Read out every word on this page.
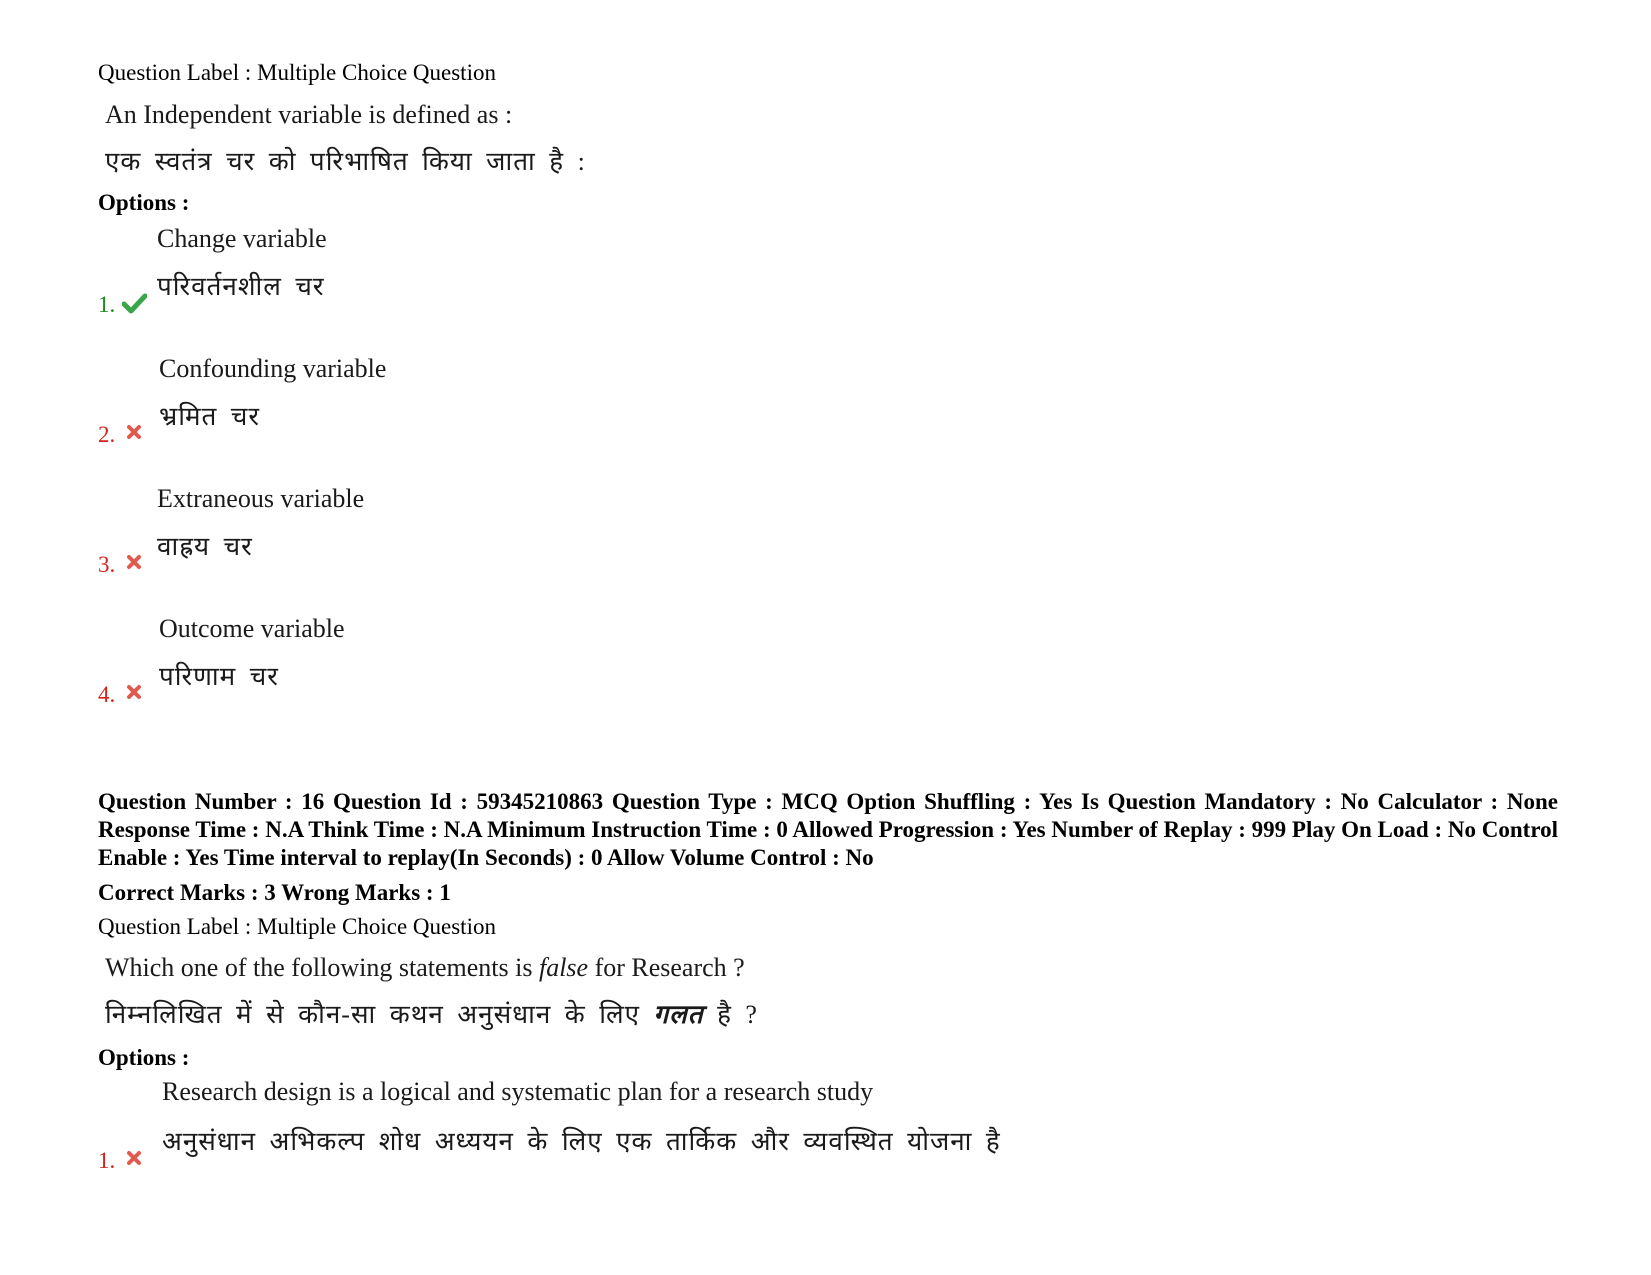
Question Label : Multiple Choice Question
An Independent variable is defined as :
एक स्वतंत्र चर को परिभाषित किया जाता है :
Options :
Change variable
परिवर्तनशील चर
1.
Confounding variable
भ्रमित चर
2.
Extraneous variable
वाह्रय चर
3.
Outcome variable
परिणाम चर
4.
Question Number : 16 Question Id : 59345210863 Question Type : MCQ Option Shuffling : Yes Is Question Mandatory : No Calculator : None Response Time : N.A Think Time : N.A Minimum Instruction Time : 0 Allowed Progression : Yes Number of Replay : 999 Play On Load : No Control Enable : Yes Time interval to replay(In Seconds) : 0 Allow Volume Control : No
Correct Marks : 3 Wrong Marks : 1
Question Label : Multiple Choice Question
Which one of the following statements is false for Research ?
निम्नलिखित में से कौन-सा कथन अनुसंधान के लिए गलत है ?
Options :
Research design is a logical and systematic plan for a research study
अनुसंधान अभिकल्प शोध अध्ययन के लिए एक तार्किक और व्यवस्थित योजना है
1.
